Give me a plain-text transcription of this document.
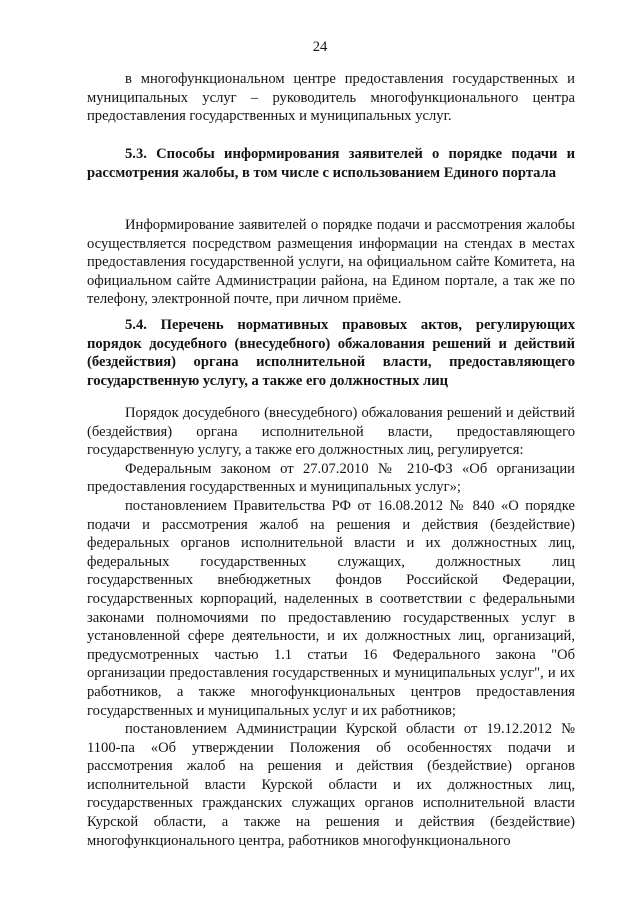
24

в многофункциональном центре предоставления государственных и муниципальных услуг – руководитель многофункционального центра предоставления государственных и муниципальных услуг.

5.3. Способы информирования заявителей о порядке подачи и рассмотрения жалобы, в том числе с использованием Единого портала

Информирование заявителей о порядке подачи и рассмотрения жалобы осуществляется посредством размещения информации на стендах в местах предоставления государственной услуги, на официальном сайте Комитета, на официальном сайте Администрации района, на Едином портале, а так же по телефону, электронной почте, при личном приёме.

5.4. Перечень нормативных правовых актов, регулирующих порядок досудебного (внесудебного) обжалования решений и действий (бездействия) органа исполнительной власти, предоставляющего государственную услугу, а также его должностных лиц

Порядок досудебного (внесудебного) обжалования решений и действий (бездействия) органа исполнительной власти, предоставляющего государственную услугу, а также его должностных лиц, регулируется:

Федеральным законом от 27.07.2010 № 210-ФЗ «Об организации предоставления государственных и муниципальных услуг»;

постановлением Правительства РФ от 16.08.2012 № 840 «О порядке подачи и рассмотрения жалоб на решения и действия (бездействие) федеральных органов исполнительной власти и их должностных лиц, федеральных государственных служащих, должностных лиц государственных внебюджетных фондов Российской Федерации, государственных корпораций, наделенных в соответствии с федеральными законами полномочиями по предоставлению государственных услуг в установленной сфере деятельности, и их должностных лиц, организаций, предусмотренных частью 1.1 статьи 16 Федерального закона "Об организации предоставления государственных и муниципальных услуг", и их работников, а также многофункциональных центров предоставления государственных и муниципальных услуг и их работников;

постановлением Администрации Курской области от 19.12.2012 № 1100-па «Об утверждении Положения об особенностях подачи и рассмотрения жалоб на решения и действия (бездействие) органов исполнительной власти Курской области и их должностных лиц, государственных гражданских служащих органов исполнительной власти Курской области, а также на решения и действия (бездействие) многофункционального центра, работников многофункционального
